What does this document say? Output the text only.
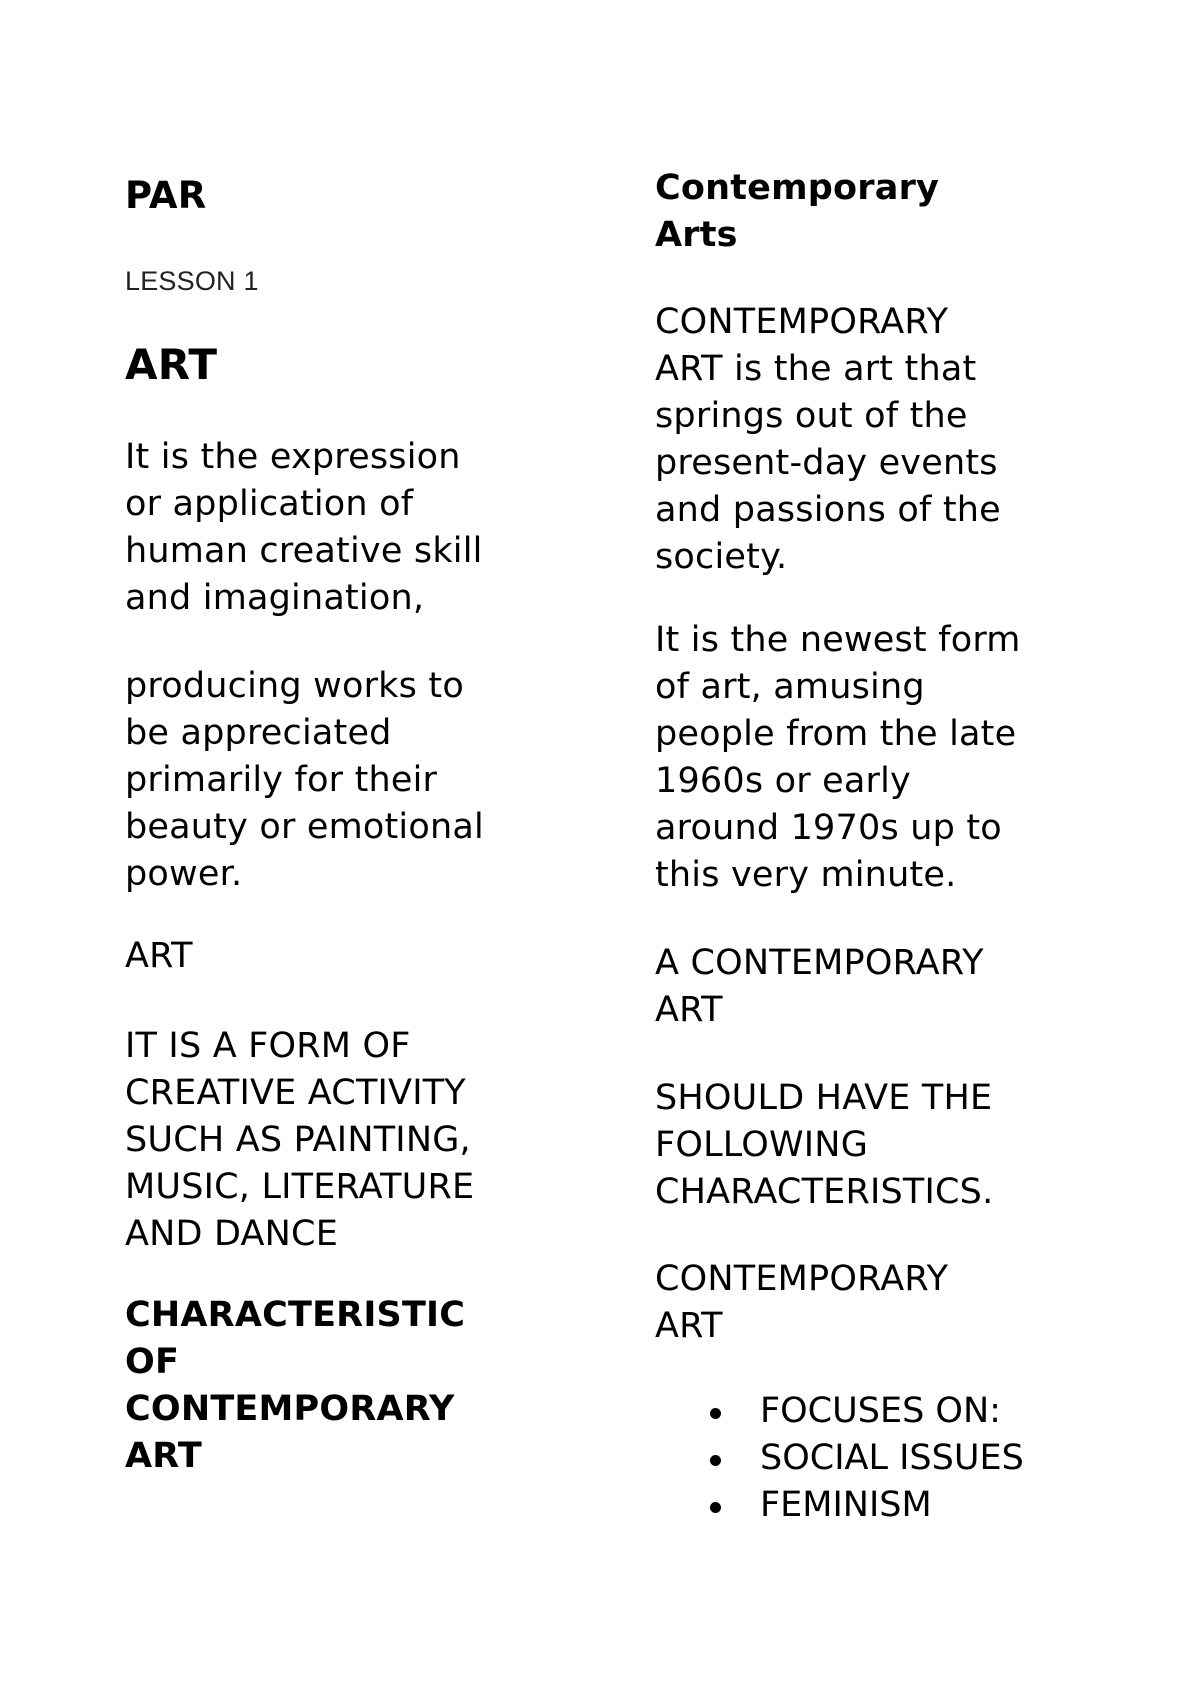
PAR

LESSON 1

ART

It is the expression
or application of
human creative skill
and imagination,

producing works to
be appreciated
primarily for their
beauty or emotional
power.

ART

IT IS A FORM OF
CREATIVE ACTIVITY
SUCH AS PAINTING,
MUSIC, LITERATURE
AND DANCE

CHARACTERISTIC
OF
CONTEMPORARY
ART

Contemporary
Arts

CONTEMPORARY
ART is the art that
springs out of the
present-day events
and passions of the
society.

It is the newest form
of art, amusing
people from the late
1960s or early
around 1970s up to
this very minute.

A CONTEMPORARY
ART

SHOULD HAVE THE
FOLLOWING
CHARACTERISTICS.

CONTEMPORARY
ART

FOCUSES ON:
SOCIAL ISSUES
FEMINISM
